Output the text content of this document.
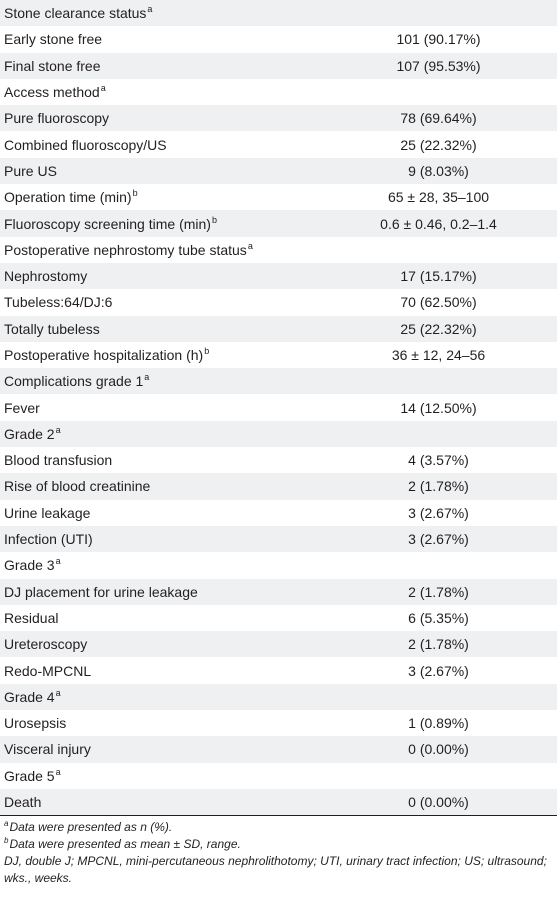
Stone clearance status$^a$	
Early stone free	101 (90.17%)
Final stone free	107 (95.53%)
Access method$^a$	
Pure fluoroscopy	78 (69.64%)
Combined fluoroscopy/US	25 (22.32%)
Pure US	9 (8.03%)
Operation time $(\min)^b$	65 ± 28, 35–100
Fluoroscopy screening time $(\min)^b$	0.6 ± 0.46, 0.2–1.4
Postoperative nephrostomy tube status$^a$	
Nephrostomy	17 (15.17%)
Tubeless:64/DJ:6	70 (62.50%)
Totally tubeless	25 (22.32%)
Postoperative hospitalization $(h)^b$	36 ± 12, 24–56
Complications grade 1$^a$	
Fever	14 (12.50%)
Grade 2$^a$	
Blood transfusion	4 (3.57%)
Rise of blood creatinine	2 (1.78%)
Urine leakage	3 (2.67%)
Infection (UTI)	3 (2.67%)
Grade 3$^a$	
DJ placement for urine leakage	2 (1.78%)
Residual	6 (5.35%)
Ureteroscopy	2 (1.78%)
Redo-MPCNL	3 (2.67%)
Grade 4$^a$	
Urosepsis	1 (0.89%)
Visceral injury	0 (0.00%)
Grade 5$^a$	
Death	0 (0.00%)

$^a$Data were presented as n (%).

$^b$Data were presented as mean ± SD, range.

DJ, double J; MPCNL, mini-percutaneous nephrolithotomy; UTI, urinary tract infection; US; ultrasound; wks., weeks.
